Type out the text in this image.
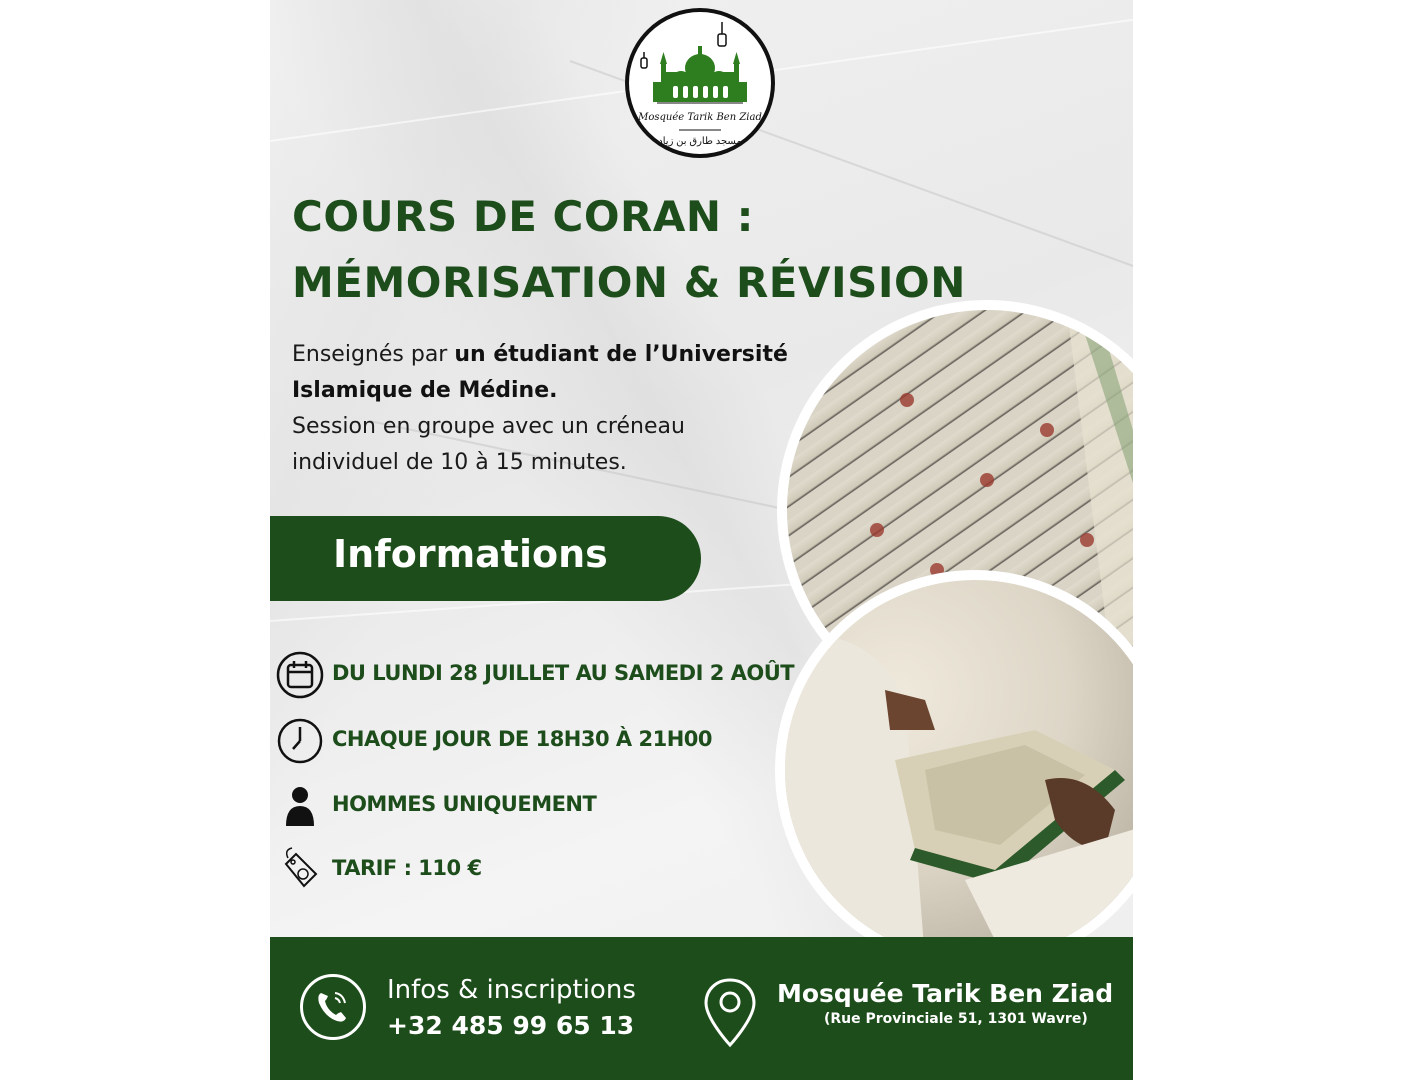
Mosquée Tarik Ben Ziad
مسجد طارق بن زياد
COURS DE CORAN :
MÉMORISATION & RÉVISION
Enseignés par un étudiant de l’Université
Islamique de Médine.
Session en groupe avec un créneau
individuel de 10 à 15 minutes.
Informations
DU LUNDI 28 JUILLET AU SAMEDI 2 AOÛT
CHAQUE JOUR DE 18H30 À 21H00
HOMMES UNIQUEMENT
TARIF : 110 €
Infos & inscriptions
+32 485 99 65 13
Mosquée Tarik Ben Ziad
(Rue Provinciale 51, 1301 Wavre)
